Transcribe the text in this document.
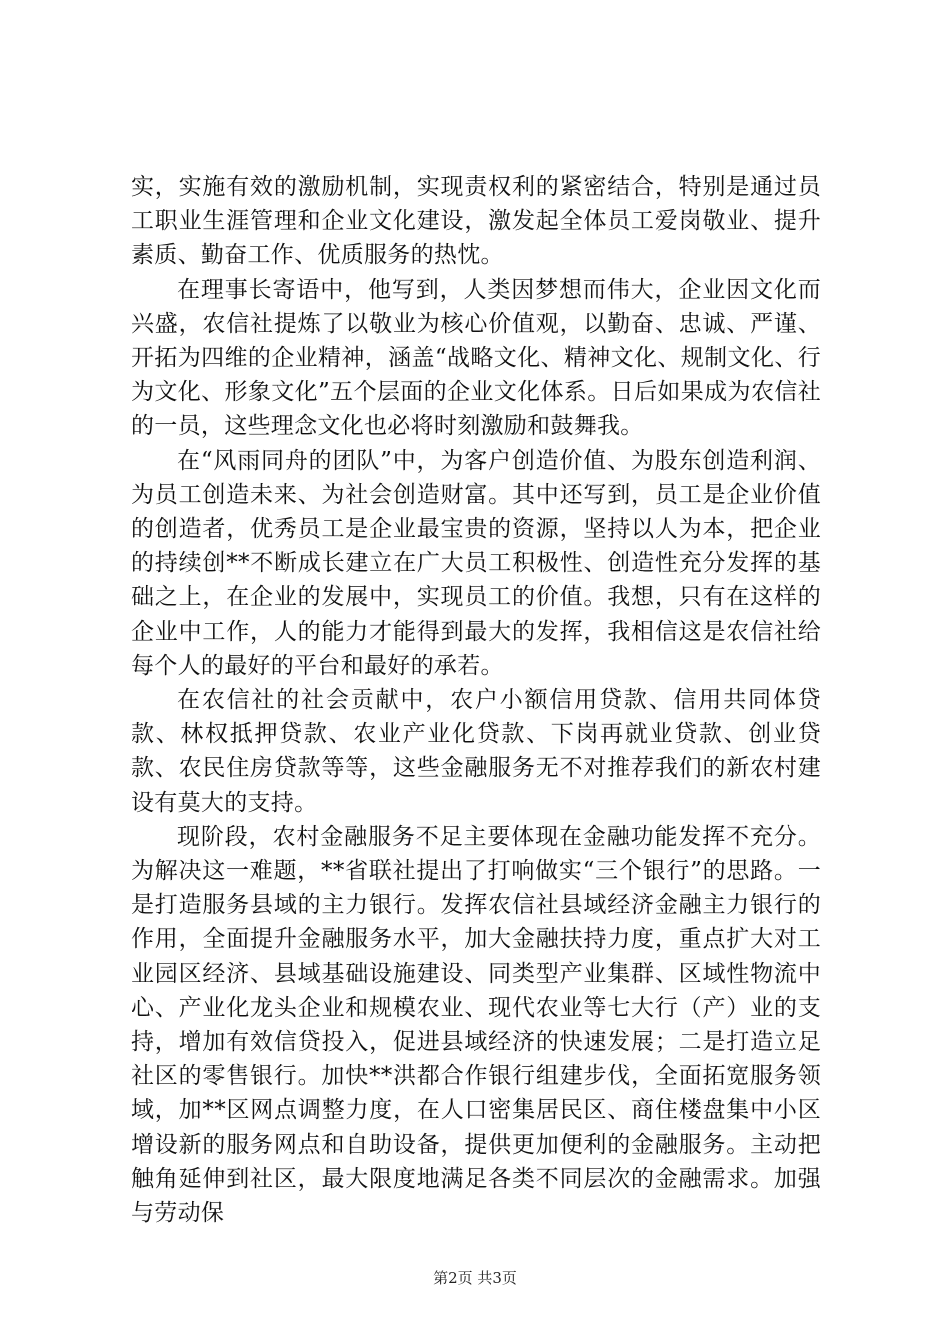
实，实施有效的激励机制，实现责权利的紧密结合，特别是通过员工职业生涯管理和企业文化建设，激发起全体员工爱岗敬业、提升素质、勤奋工作、优质服务的热忱。

在理事长寄语中，他写到，人类因梦想而伟大，企业因文化而兴盛，农信社提炼了以敬业为核心价值观，以勤奋、忠诚、严谨、开拓为四维的企业精神，涵盖“战略文化、精神文化、规制文化、行为文化、形象文化”五个层面的企业文化体系。日后如果成为农信社的一员，这些理念文化也必将时刻激励和鼓舞我。

在“风雨同舟的团队”中，为客户创造价值、为股东创造利润、为员工创造未来、为社会创造财富。其中还写到，员工是企业价值的创造者，优秀员工是企业最宝贵的资源，坚持以人为本，把企业的持续创**不断成长建立在广大员工积极性、创造性充分发挥的基础之上，在企业的发展中，实现员工的价值。我想，只有在这样的企业中工作，人的能力才能得到最大的发挥，我相信这是农信社给每个人的最好的平台和最好的承若。

在农信社的社会贡献中，农户小额信用贷款、信用共同体贷款、林权抵押贷款、农业产业化贷款、下岗再就业贷款、创业贷款、农民住房贷款等等，这些金融服务无不对推荐我们的新农村建设有莫大的支持。

现阶段，农村金融服务不足主要体现在金融功能发挥不充分。为解决这一难题，**省联社提出了打响做实“三个银行”的思路。一是打造服务县域的主力银行。发挥农信社县域经济金融主力银行的作用，全面提升金融服务水平，加大金融扶持力度，重点扩大对工业园区经济、县域基础设施建设、同类型产业集群、区域性物流中心、产业化龙头企业和规模农业、现代农业等七大行（产）业的支持，增加有效信贷投入，促进县域经济的快速发展；二是打造立足社区的零售银行。加快**洪都合作银行组建步伐，全面拓宽服务领域，加**区网点调整力度，在人口密集居民区、商住楼盘集中小区增设新的服务网点和自助设备，提供更加便利的金融服务。主动把触角延伸到社区，最大限度地满足各类不同层次的金融需求。加强与劳动保

第2页 共3页
